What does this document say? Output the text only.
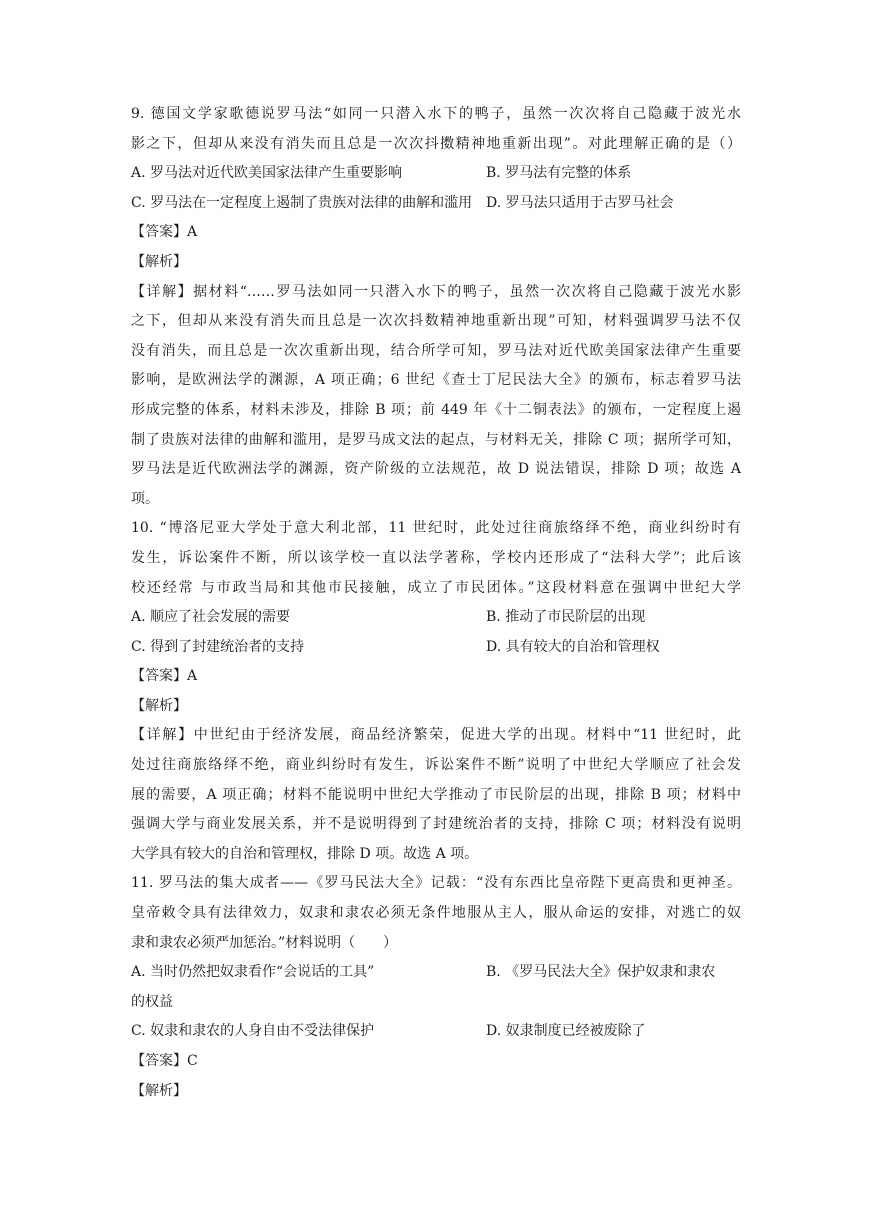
9. 德国文学家歌德说罗马法“如同一只潜入水下的鸭子，虽然一次次将自己隐藏于波光水
影之下，但却从来没有消失而且总是一次次抖擞精神地重新出现”。对此理解正确的是（）
A. 罗马法对近代欧美国家法律产生重要影响	B. 罗马法有完整的体系
C. 罗马法在一定程度上遏制了贵族对法律的曲解和滥用 D. 罗马法只适用于古罗马社会
【答案】A
【解析】
【详解】据材料“……罗马法如同一只潜入水下的鸭子，虽然一次次将自己隐藏于波光水影
之下，但却从来没有消失而且总是一次次抖数精神地重新出现”可知，材料强调罗马法不仅
没有消失，而且总是一次次重新出现，结合所学可知，罗马法对近代欧美国家法律产生重要
影响，是欧洲法学的渊源，A 项正确；6 世纪《查士丁尼民法大全》的颁布，标志着罗马法
形成完整的体系，材料未涉及，排除 B 项；前 449 年《十二铜表法》的颁布，一定程度上遏
制了贵族对法律的曲解和滥用，是罗马成文法的起点，与材料无关，排除 C 项；据所学可知，
罗马法是近代欧洲法学的渊源，资产阶级的立法规范，故 D 说法错误，排除 D 项；故选 A
项。
10. “博洛尼亚大学处于意大利北部，11 世纪时，此处过往商旅络绎不绝，商业纠纷时有
发生，诉讼案件不断，所以该学校一直以法学著称，学校内还形成了“法科大学”；此后该
校还经常 与市政当局和其他市民接触，成立了市民团体。”这段材料意在强调中世纪大学
A. 顺应了社会发展的需要	B. 推动了市民阶层的出现
C. 得到了封建统治者的支持	D. 具有较大的自治和管理权
【答案】A
【解析】
【详解】中世纪由于经济发展，商品经济繁荣，促进大学的出现。材料中“11 世纪时，此
处过往商旅络绎不绝，商业纠纷时有发生，诉讼案件不断”说明了中世纪大学顺应了社会发
展的需要，A 项正确；材料不能说明中世纪大学推动了市民阶层的出现，排除 B 项；材料中
强调大学与商业发展关系，并不是说明得到了封建统治者的支持，排除 C 项；材料没有说明
大学具有较大的自治和管理权，排除 D 项。故选 A 项。
11. 罗马法的集大成者——《罗马民法大全》记载：“没有东西比皇帝陛下更高贵和更神圣。
皇帝敕令具有法律效力，奴隶和隶农必须无条件地服从主人，服从命运的安排，对逃亡的奴
隶和隶农必须严加惩治。”材料说明（　　）
A. 当时仍然把奴隶看作“会说话的工具”	B. 《罗马民法大全》保护奴隶和隶农
的权益
C. 奴隶和隶农的人身自由不受法律保护	D. 奴隶制度已经被废除了
【答案】C
【解析】
